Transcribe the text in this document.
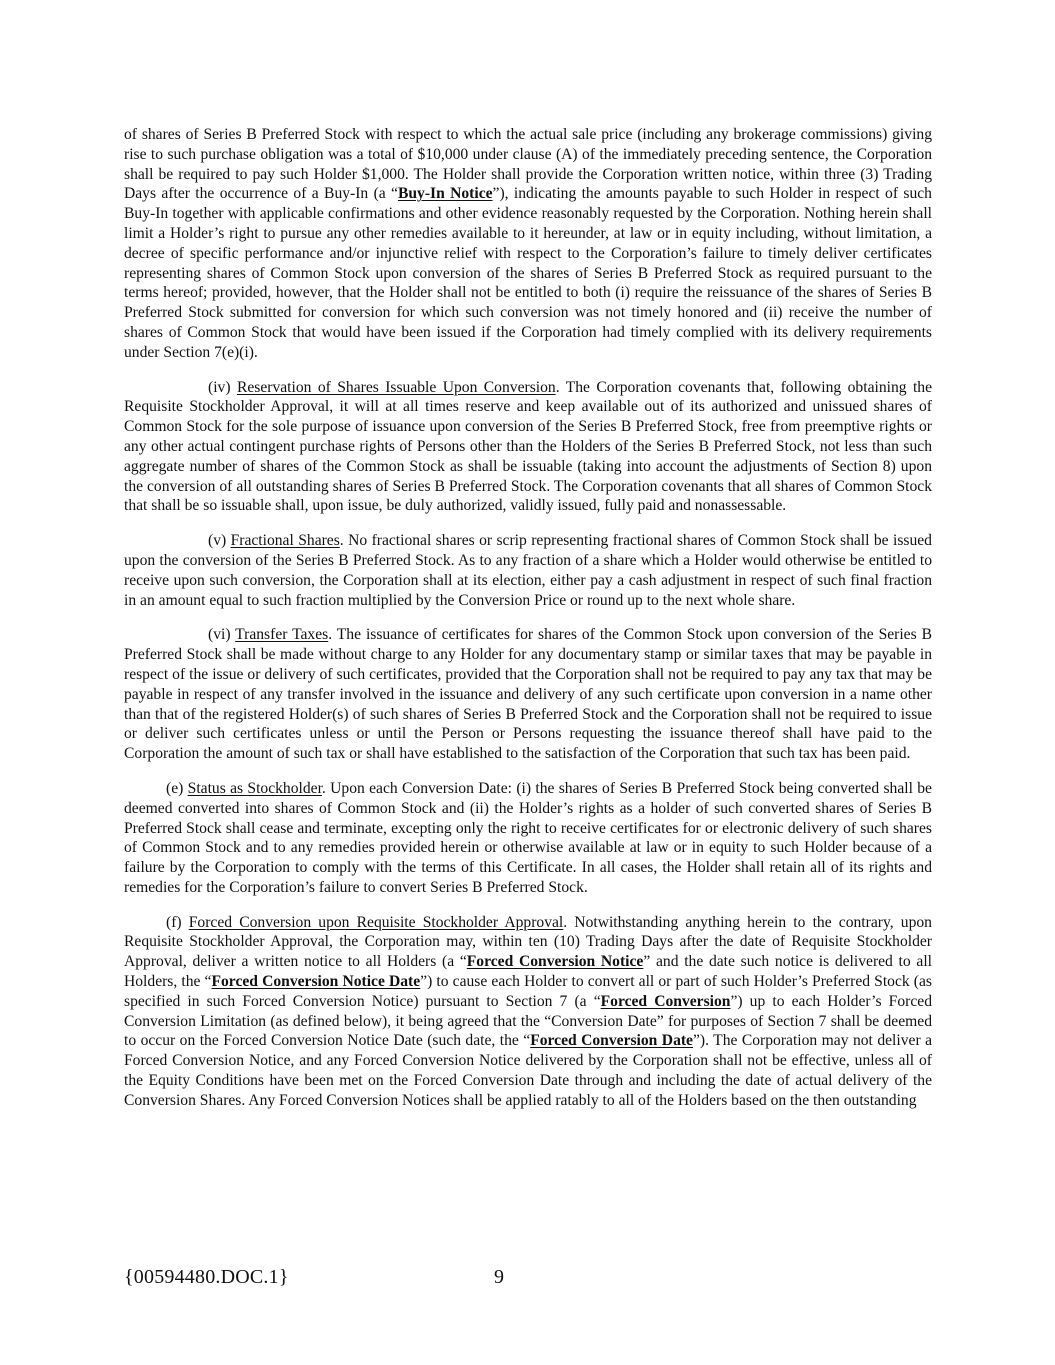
of shares of Series B Preferred Stock with respect to which the actual sale price (including any brokerage commissions) giving rise to such purchase obligation was a total of $10,000 under clause (A) of the immediately preceding sentence, the Corporation shall be required to pay such Holder $1,000. The Holder shall provide the Corporation written notice, within three (3) Trading Days after the occurrence of a Buy-In (a “Buy-In Notice”), indicating the amounts payable to such Holder in respect of such Buy-In together with applicable confirmations and other evidence reasonably requested by the Corporation. Nothing herein shall limit a Holder’s right to pursue any other remedies available to it hereunder, at law or in equity including, without limitation, a decree of specific performance and/or injunctive relief with respect to the Corporation’s failure to timely deliver certificates representing shares of Common Stock upon conversion of the shares of Series B Preferred Stock as required pursuant to the terms hereof; provided, however, that the Holder shall not be entitled to both (i) require the reissuance of the shares of Series B Preferred Stock submitted for conversion for which such conversion was not timely honored and (ii) receive the number of shares of Common Stock that would have been issued if the Corporation had timely complied with its delivery requirements under Section 7(e)(i).

(iv) Reservation of Shares Issuable Upon Conversion. The Corporation covenants that, following obtaining the Requisite Stockholder Approval, it will at all times reserve and keep available out of its authorized and unissued shares of Common Stock for the sole purpose of issuance upon conversion of the Series B Preferred Stock, free from preemptive rights or any other actual contingent purchase rights of Persons other than the Holders of the Series B Preferred Stock, not less than such aggregate number of shares of the Common Stock as shall be issuable (taking into account the adjustments of Section 8) upon the conversion of all outstanding shares of Series B Preferred Stock. The Corporation covenants that all shares of Common Stock that shall be so issuable shall, upon issue, be duly authorized, validly issued, fully paid and nonassessable.

(v) Fractional Shares. No fractional shares or scrip representing fractional shares of Common Stock shall be issued upon the conversion of the Series B Preferred Stock. As to any fraction of a share which a Holder would otherwise be entitled to receive upon such conversion, the Corporation shall at its election, either pay a cash adjustment in respect of such final fraction in an amount equal to such fraction multiplied by the Conversion Price or round up to the next whole share.

(vi) Transfer Taxes. The issuance of certificates for shares of the Common Stock upon conversion of the Series B Preferred Stock shall be made without charge to any Holder for any documentary stamp or similar taxes that may be payable in respect of the issue or delivery of such certificates, provided that the Corporation shall not be required to pay any tax that may be payable in respect of any transfer involved in the issuance and delivery of any such certificate upon conversion in a name other than that of the registered Holder(s) of such shares of Series B Preferred Stock and the Corporation shall not be required to issue or deliver such certificates unless or until the Person or Persons requesting the issuance thereof shall have paid to the Corporation the amount of such tax or shall have established to the satisfaction of the Corporation that such tax has been paid.

(e) Status as Stockholder. Upon each Conversion Date: (i) the shares of Series B Preferred Stock being converted shall be deemed converted into shares of Common Stock and (ii) the Holder’s rights as a holder of such converted shares of Series B Preferred Stock shall cease and terminate, excepting only the right to receive certificates for or electronic delivery of such shares of Common Stock and to any remedies provided herein or otherwise available at law or in equity to such Holder because of a failure by the Corporation to comply with the terms of this Certificate. In all cases, the Holder shall retain all of its rights and remedies for the Corporation’s failure to convert Series B Preferred Stock.

(f) Forced Conversion upon Requisite Stockholder Approval. Notwithstanding anything herein to the contrary, upon Requisite Stockholder Approval, the Corporation may, within ten (10) Trading Days after the date of Requisite Stockholder Approval, deliver a written notice to all Holders (a “Forced Conversion Notice” and the date such notice is delivered to all Holders, the “Forced Conversion Notice Date”) to cause each Holder to convert all or part of such Holder’s Preferred Stock (as specified in such Forced Conversion Notice) pursuant to Section 7 (a “Forced Conversion”) up to each Holder’s Forced Conversion Limitation (as defined below), it being agreed that the “Conversion Date” for purposes of Section 7 shall be deemed to occur on the Forced Conversion Notice Date (such date, the “Forced Conversion Date”). The Corporation may not deliver a Forced Conversion Notice, and any Forced Conversion Notice delivered by the Corporation shall not be effective, unless all of the Equity Conditions have been met on the Forced Conversion Date through and including the date of actual delivery of the Conversion Shares. Any Forced Conversion Notices shall be applied ratably to all of the Holders based on the then outstanding

{00594480.DOC.1}	9
